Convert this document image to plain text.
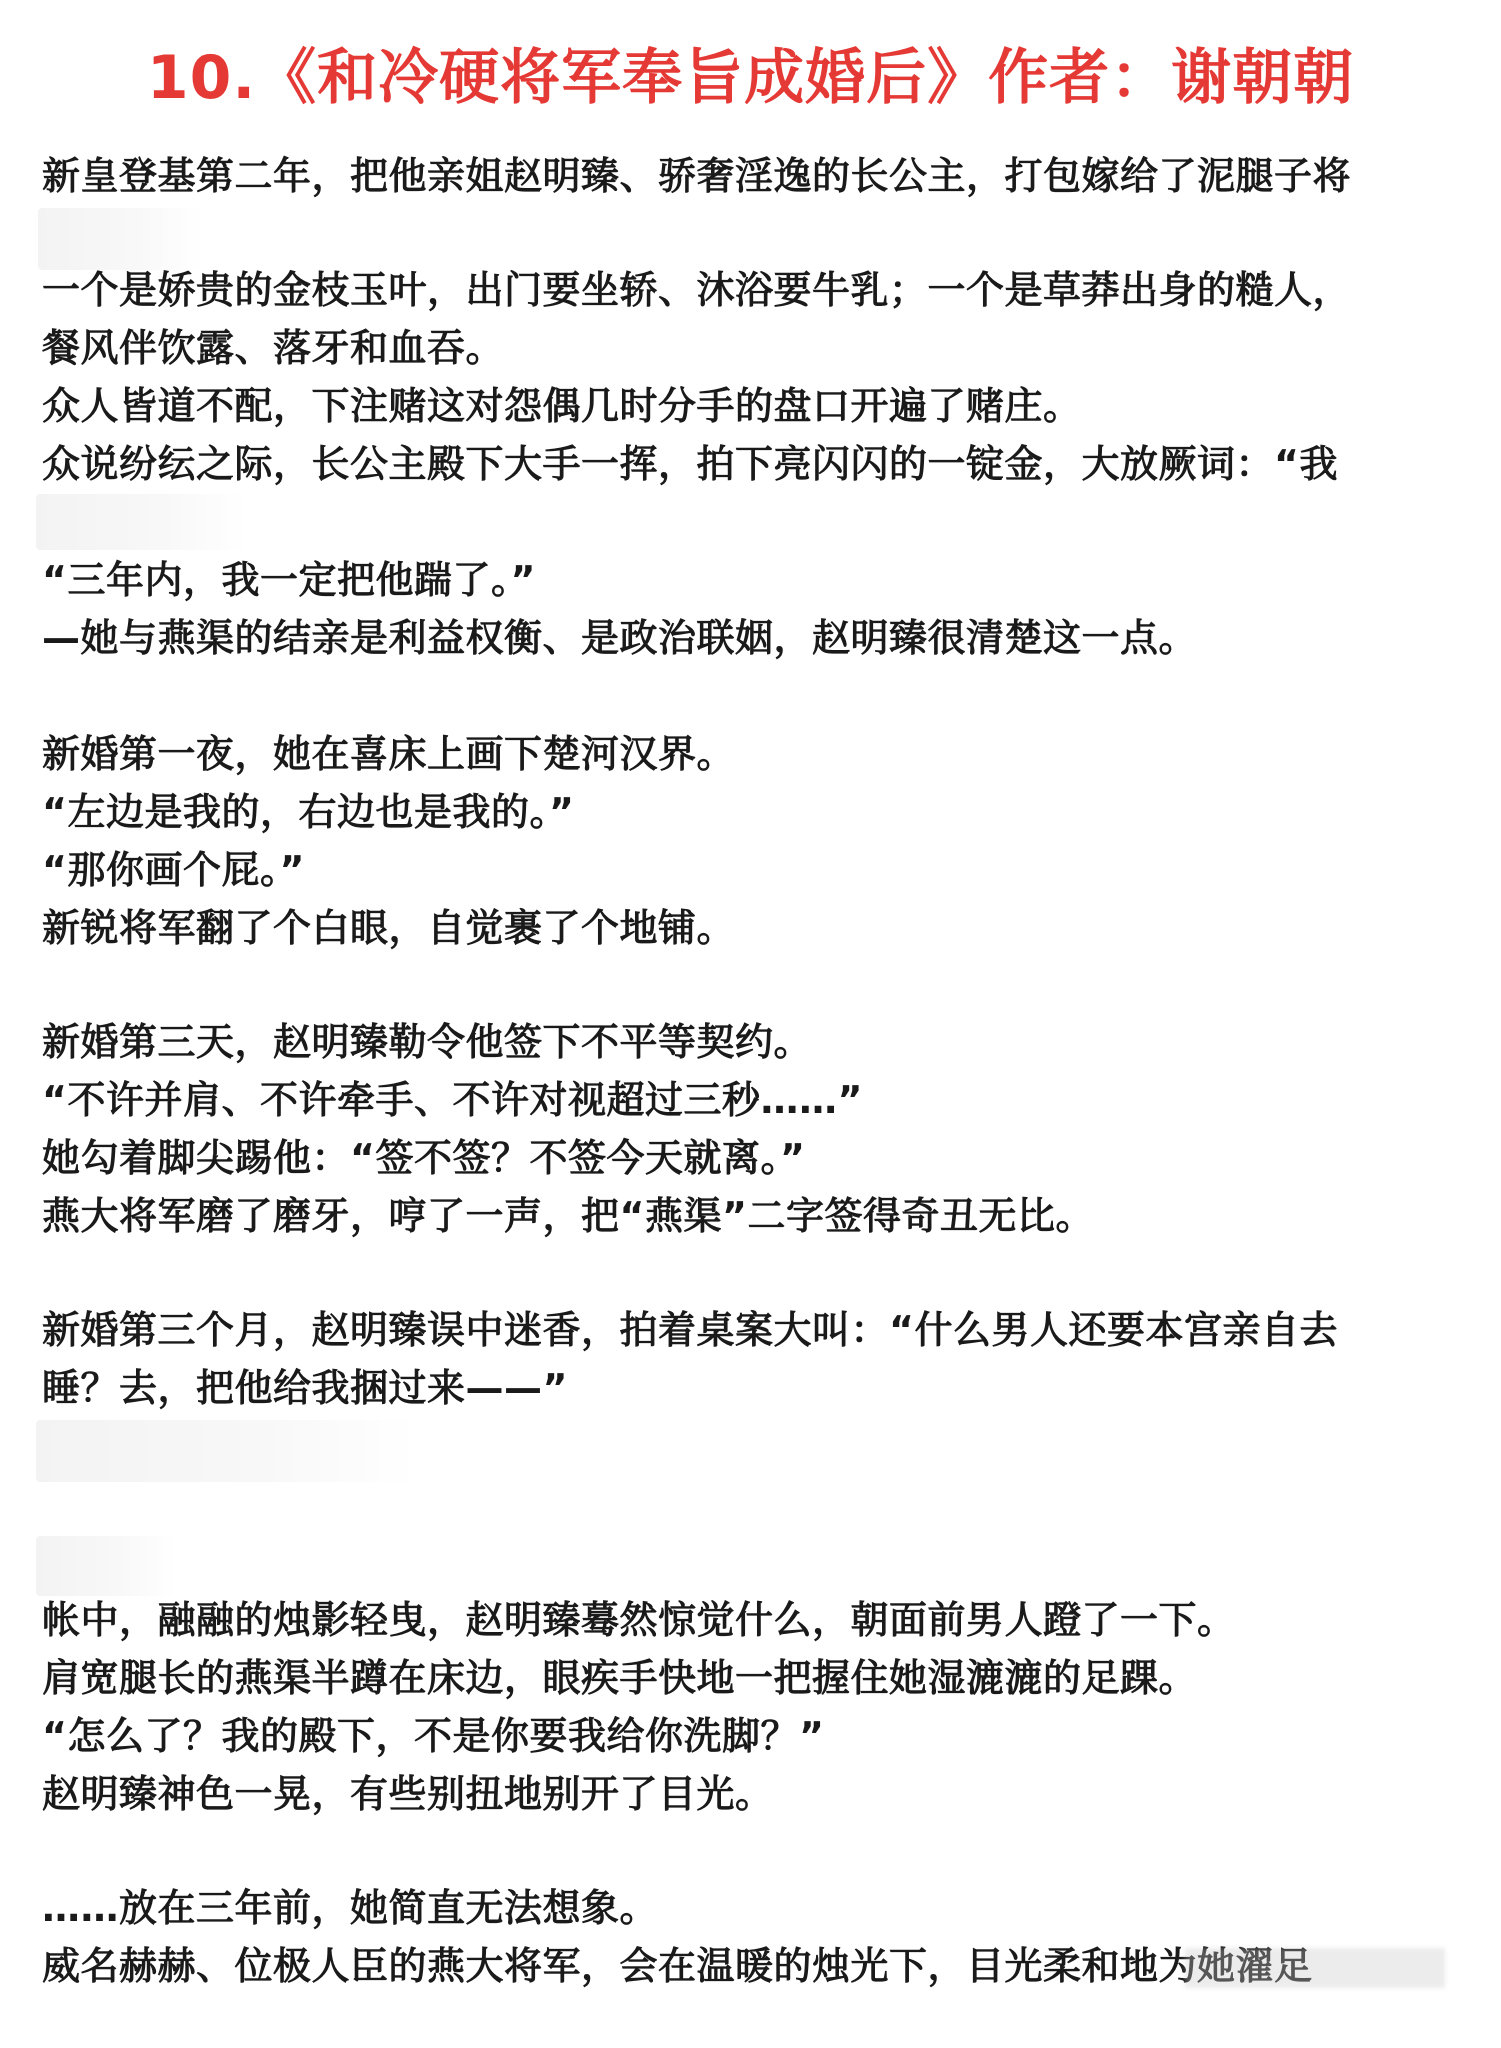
10.《和冷硬将军奉旨成婚后》作者：谢朝朝
新皇登基第二年，把他亲姐赵明臻、骄奢淫逸的长公主，打包嫁给了泥腿子将
一个是娇贵的金枝玉叶，出门要坐轿、沐浴要牛乳；一个是草莽出身的糙人，
餐风伴饮露、落牙和血吞。
众人皆道不配，下注赌这对怨偶几时分手的盘口开遍了赌庄。
众说纷纭之际，长公主殿下大手一挥，拍下亮闪闪的一锭金，大放厥词：“我
“三年内，我一定把他踹了。”
—她与燕渠的结亲是利益权衡、是政治联姻，赵明臻很清楚这一点。
新婚第一夜，她在喜床上画下楚河汉界。
“左边是我的，右边也是我的。”
“那你画个屁。”
新锐将军翻了个白眼，自觉裹了个地铺。
新婚第三天，赵明臻勒令他签下不平等契约。
“不许并肩、不许牵手、不许对视超过三秒……”
她勾着脚尖踢他：“签不签？不签今天就离。”
燕大将军磨了磨牙，哼了一声，把“燕渠”二字签得奇丑无比。
新婚第三个月，赵明臻误中迷香，拍着桌案大叫：“什么男人还要本宫亲自去
睡？去，把他给我捆过来——”
帐中，融融的烛影轻曳，赵明臻蓦然惊觉什么，朝面前男人蹬了一下。
肩宽腿长的燕渠半蹲在床边，眼疾手快地一把握住她湿漉漉的足踝。
“怎么了？我的殿下，不是你要我给你洗脚？”
赵明臻神色一晃，有些别扭地别开了目光。
……放在三年前，她简直无法想象。
威名赫赫、位极人臣的燕大将军，会在温暖的烛光下，目光柔和地为她濯足
